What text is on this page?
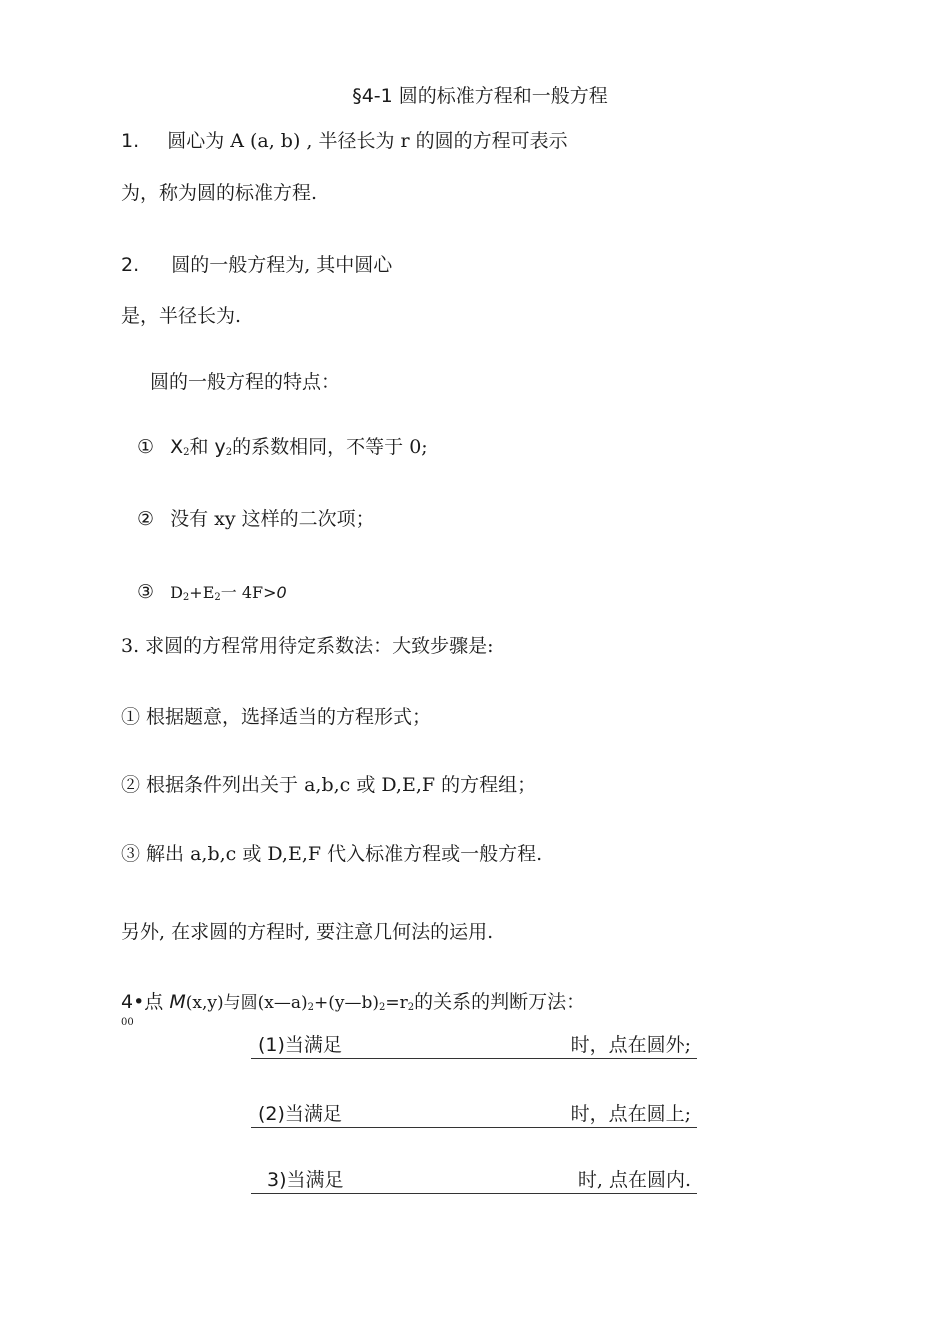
§4-1 圆的标准方程和一般方程
1. 圆心为 A (a, b) , 半径长为 r 的圆的方程可表示
为，称为圆的标准方程.
2. 圆的一般方程为, 其中圆心
是，半径长为.
圆的一般方程的特点：
① $X_2$和 $y_2$的系数相同，不等于 0;
② 没有 xy 这样的二次项；
③ $D_2+E_2$一 4F>0
3. 求圆的方程常用待定系数法：大致步骤是:
① 根据题意，选择适当的方程形式；
② 根据条件列出关于 a,b,c 或 D,E,F 的方程组；
③ 解出 a,b,c 或 D,E,F 代入标准方程或一般方程.
另外, 在求圆的方程时, 要注意几何法的运用.
4•点 M(x,y)与圆$(x—a)_2+(y—b)_2=r_2$的关系的判断万法：
00
(1)当满足	时，点在圆外;
(2)当满足	时，点在圆上;
3)当满足	时, 点在圆内.
